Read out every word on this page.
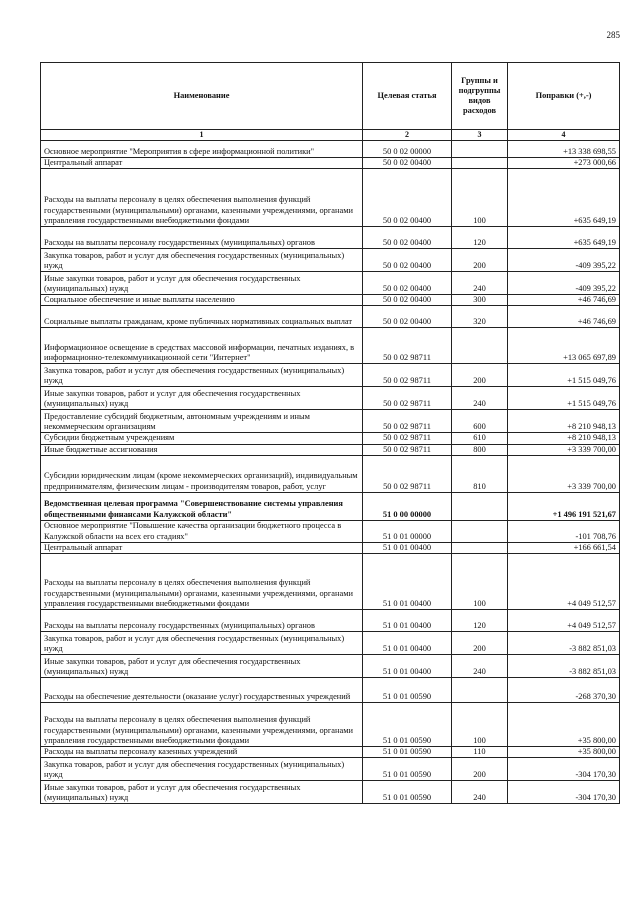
285
Наименование	Целевая статья	Группы и подгруппы видов расходов	Поправки (+,-)
1	2	3	4
Основное мероприятие "Мероприятия в сфере информационной политики"	50 0 02 00000		+13 338 698,55
Центральный аппарат	50 0 02 00400		+273 000,66
Расходы на выплаты персоналу в целях обеспечения выполнения функций государственными (муниципальными) органами, казенными учреждениями, органами управления государственными внебюджетными фондами	50 0 02 00400	100	+635 649,19
Расходы на выплаты персоналу государственных (муниципальных) органов	50 0 02 00400	120	+635 649,19
Закупка товаров, работ и услуг для обеспечения государственных (муниципальных) нужд	50 0 02 00400	200	-409 395,22
Иные закупки товаров, работ и услуг для обеспечения государственных (муниципальных) нужд	50 0 02 00400	240	-409 395,22
Социальное обеспечение и иные выплаты населению	50 0 02 00400	300	+46 746,69
Социальные выплаты гражданам, кроме публичных нормативных социальных выплат	50 0 02 00400	320	+46 746,69
Информационное освещение в средствах массовой информации, печатных изданиях, в информационно-телекоммуникационной сети "Интернет"	50 0 02 98711		+13 065 697,89
Закупка товаров, работ и услуг для обеспечения государственных (муниципальных) нужд	50 0 02 98711	200	+1 515 049,76
Иные закупки товаров, работ и услуг для обеспечения государственных (муниципальных) нужд	50 0 02 98711	240	+1 515 049,76
Предоставление субсидий бюджетным, автономным учреждениям и иным некоммерческим организациям	50 0 02 98711	600	+8 210 948,13
Субсидии бюджетным учреждениям	50 0 02 98711	610	+8 210 948,13
Иные бюджетные ассигнования	50 0 02 98711	800	+3 339 700,00
Субсидии юридическим лицам (кроме некоммерческих организаций), индивидуальным предпринимателям, физическим лицам - производителям товаров, работ, услуг	50 0 02 98711	810	+3 339 700,00
Ведомственная целевая программа "Совершенствование системы управления общественными финансами Калужской области"	51 0 00 00000		+1 496 191 521,67
Основное мероприятие "Повышение качества организации бюджетного процесса в Калужской области на всех его стадиях"	51 0 01 00000		-101 708,76
Центральный аппарат	51 0 01 00400		+166 661,54
Расходы на выплаты персоналу в целях обеспечения выполнения функций государственными (муниципальными) органами, казенными учреждениями, органами управления государственными внебюджетными фондами	51 0 01 00400	100	+4 049 512,57
Расходы на выплаты персоналу государственных (муниципальных) органов	51 0 01 00400	120	+4 049 512,57
Закупка товаров, работ и услуг для обеспечения государственных (муниципальных) нужд	51 0 01 00400	200	-3 882 851,03
Иные закупки товаров, работ и услуг для обеспечения государственных (муниципальных) нужд	51 0 01 00400	240	-3 882 851,03
Расходы на обеспечение деятельности (оказание услуг) государственных учреждений	51 0 01 00590		-268 370,30
Расходы на выплаты персоналу в целях обеспечения выполнения функций государственными (муниципальными) органами, казенными учреждениями, органами управления государственными внебюджетными фондами	51 0 01 00590	100	+35 800,00
Расходы на выплаты персоналу казенных учреждений	51 0 01 00590	110	+35 800,00
Закупка товаров, работ и услуг для обеспечения государственных (муниципальных) нужд	51 0 01 00590	200	-304 170,30
Иные закупки товаров, работ и услуг для обеспечения государственных (муниципальных) нужд	51 0 01 00590	240	-304 170,30
